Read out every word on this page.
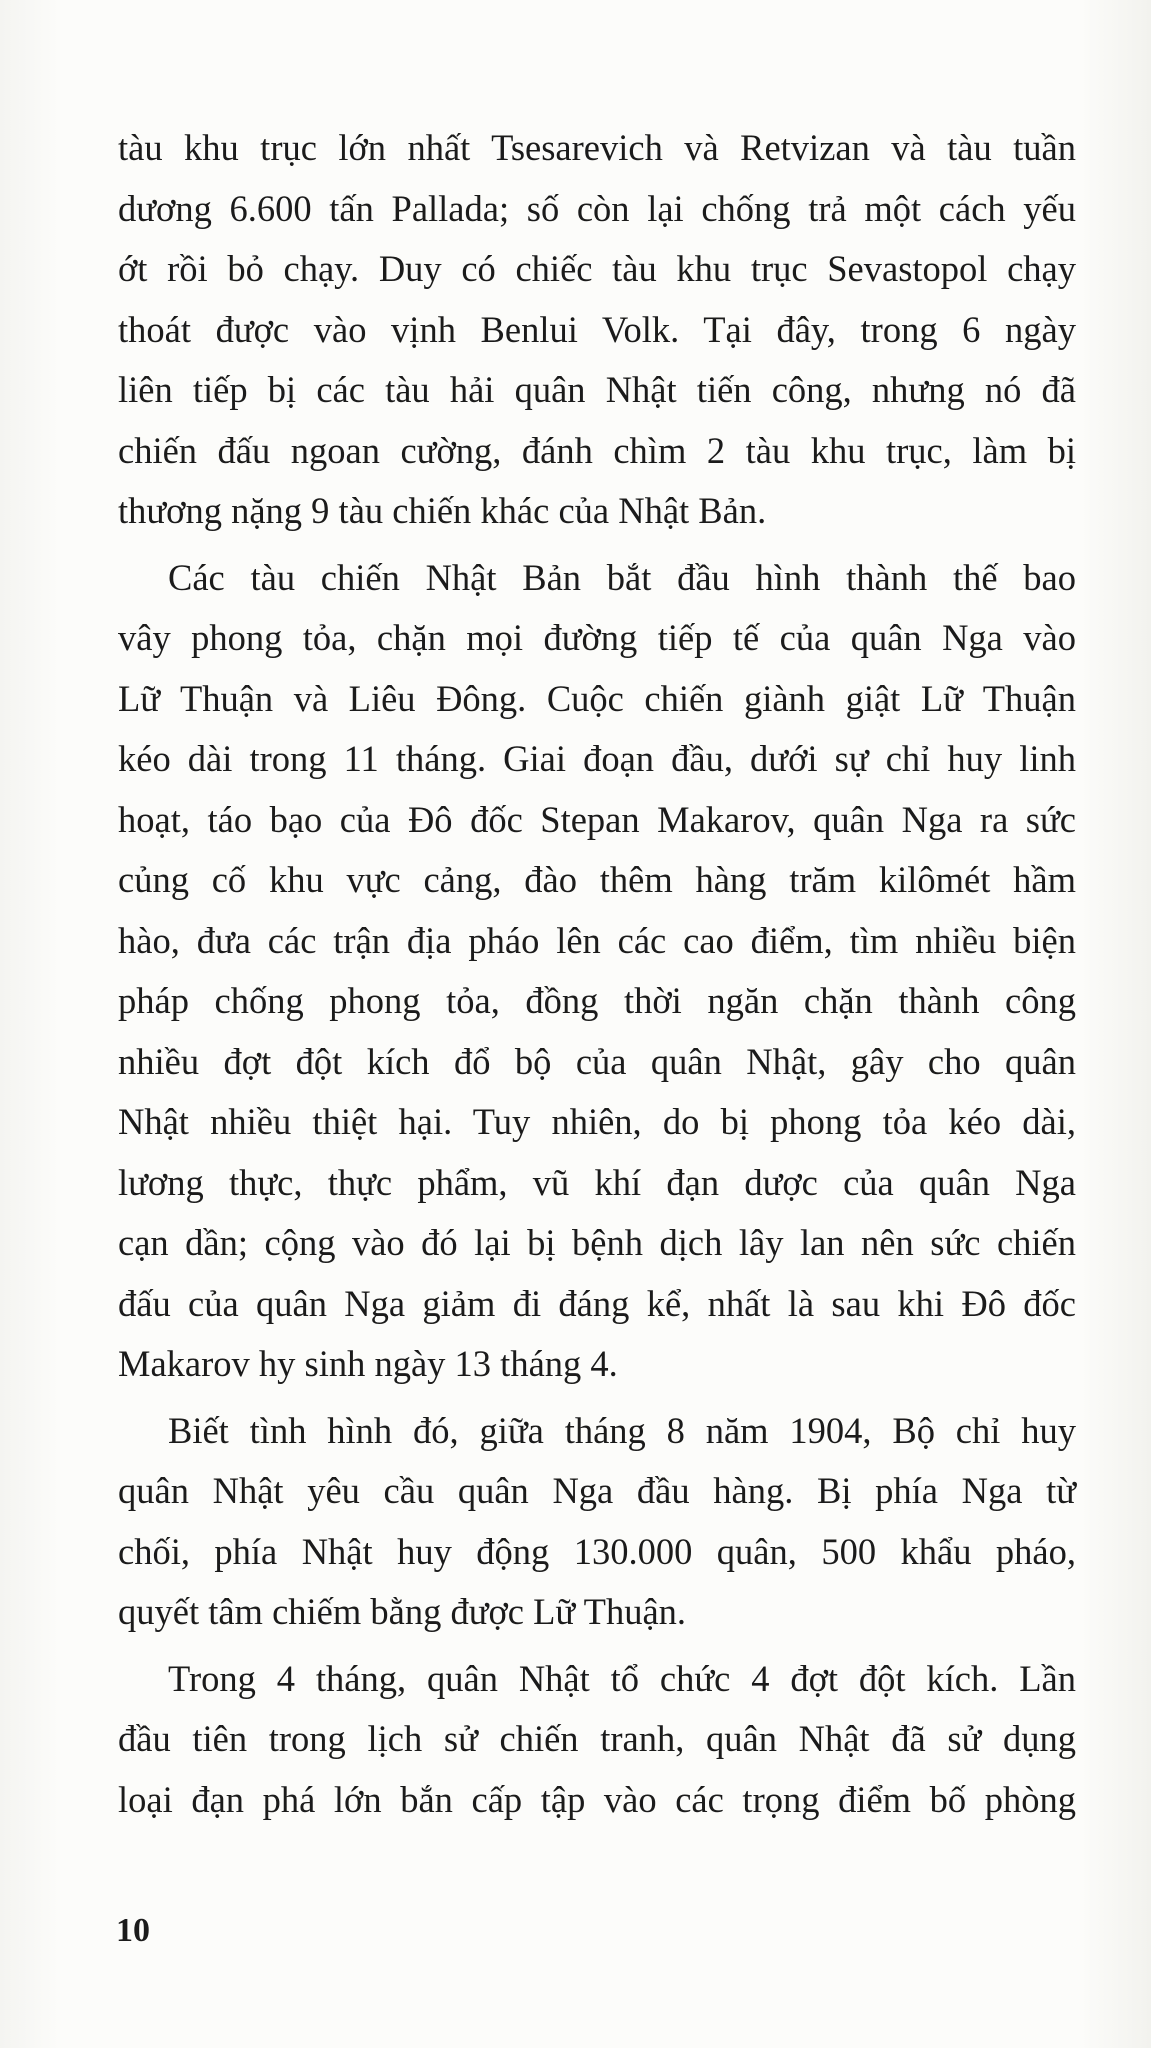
tàu khu trục lớn nhất Tsesarevich và Retvizan và tàu tuần
dương 6.600 tấn Pallada; số còn lại chống trả một cách yếu
ớt rồi bỏ chạy. Duy có chiếc tàu khu trục Sevastopol chạy
thoát được vào vịnh Benlui Volk. Tại đây, trong 6 ngày
liên tiếp bị các tàu hải quân Nhật tiến công, nhưng nó đã
chiến đấu ngoan cường, đánh chìm 2 tàu khu trục, làm bị
thương nặng 9 tàu chiến khác của Nhật Bản.
Các tàu chiến Nhật Bản bắt đầu hình thành thế bao
vây phong tỏa, chặn mọi đường tiếp tế của quân Nga vào
Lữ Thuận và Liêu Đông. Cuộc chiến giành giật Lữ Thuận
kéo dài trong 11 tháng. Giai đoạn đầu, dưới sự chỉ huy linh
hoạt, táo bạo của Đô đốc Stepan Makarov, quân Nga ra sức
củng cố khu vực cảng, đào thêm hàng trăm kilômét hầm
hào, đưa các trận địa pháo lên các cao điểm, tìm nhiều biện
pháp chống phong tỏa, đồng thời ngăn chặn thành công
nhiều đợt đột kích đổ bộ của quân Nhật, gây cho quân
Nhật nhiều thiệt hại. Tuy nhiên, do bị phong tỏa kéo dài,
lương thực, thực phẩm, vũ khí đạn dược của quân Nga
cạn dần; cộng vào đó lại bị bệnh dịch lây lan nên sức chiến
đấu của quân Nga giảm đi đáng kể, nhất là sau khi Đô đốc
Makarov hy sinh ngày 13 tháng 4.
Biết tình hình đó, giữa tháng 8 năm 1904, Bộ chỉ huy
quân Nhật yêu cầu quân Nga đầu hàng. Bị phía Nga từ
chối, phía Nhật huy động 130.000 quân, 500 khẩu pháo,
quyết tâm chiếm bằng được Lữ Thuận.
Trong 4 tháng, quân Nhật tổ chức 4 đợt đột kích. Lần
đầu tiên trong lịch sử chiến tranh, quân Nhật đã sử dụng
loại đạn phá lớn bắn cấp tập vào các trọng điểm bố phòng
10
